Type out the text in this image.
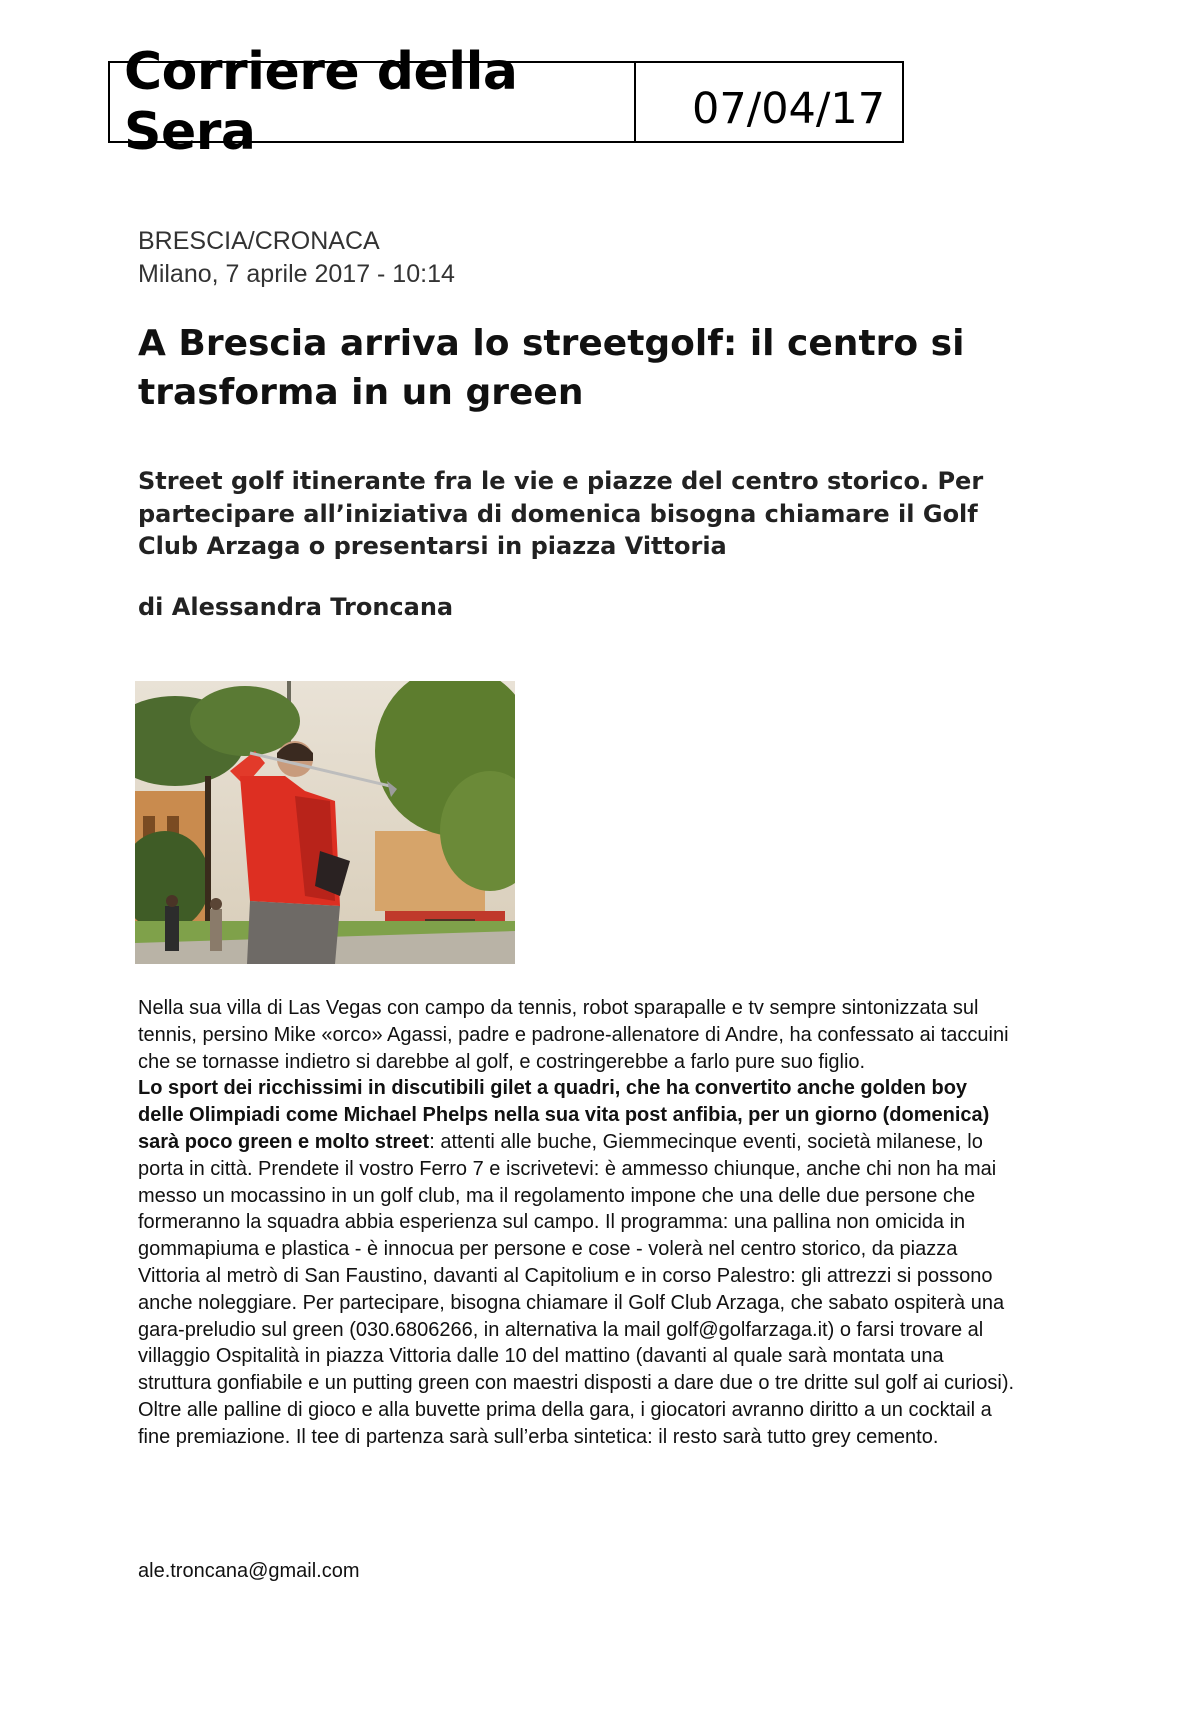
Corriere della Sera	07/04/17
BRESCIA/CRONACA
Milano, 7 aprile 2017 - 10:14
A Brescia arriva lo streetgolf: il centro si
trasforma in un green
Street golf itinerante fra le vie e piazze del centro storico. Per partecipare all’iniziativa di domenica bisogna chiamare il Golf Club Arzaga o presentarsi in piazza Vittoria
di Alessandra Troncana
Nella sua villa di Las Vegas con campo da tennis, robot sparapalle e tv sempre sintonizzata sul tennis, persino Mike «orco» Agassi, padre e padrone-allenatore di Andre, ha confessato ai taccuini che se tornasse indietro si darebbe al golf, e costringerebbe a farlo pure suo figlio.
Lo sport dei ricchissimi in discutibili gilet a quadri, che ha convertito anche golden boy delle Olimpiadi come Michael Phelps nella sua vita post anfibia, per un giorno (domenica) sarà poco green e molto street: attenti alle buche, Giemmecinque eventi, società milanese, lo porta in città. Prendete il vostro Ferro 7 e iscrivetevi: è ammesso chiunque, anche chi non ha mai messo un mocassino in un golf club, ma il regolamento impone che una delle due persone che formeranno la squadra abbia esperienza sul campo. Il programma: una pallina non omicida in gommapiuma e plastica - è innocua per persone e cose - volerà nel centro storico, da piazza Vittoria al metrò di San Faustino, davanti al Capitolium e in corso Palestro: gli attrezzi si possono anche noleggiare. Per partecipare, bisogna chiamare il Golf Club Arzaga, che sabato ospiterà una gara-preludio sul green (030.6806266, in alternativa la mail golf@golfarzaga.it) o farsi trovare al villaggio Ospitalità in piazza Vittoria dalle 10 del mattino (davanti al quale sarà montata una struttura gonfiabile e un putting green con maestri disposti a dare due o tre dritte sul golf ai curiosi). Oltre alle palline di gioco e alla buvette prima della gara, i giocatori avranno diritto a un cocktail a fine premiazione. Il tee di partenza sarà sull’erba sintetica: il resto sarà tutto grey cemento.
ale.troncana@gmail.com
